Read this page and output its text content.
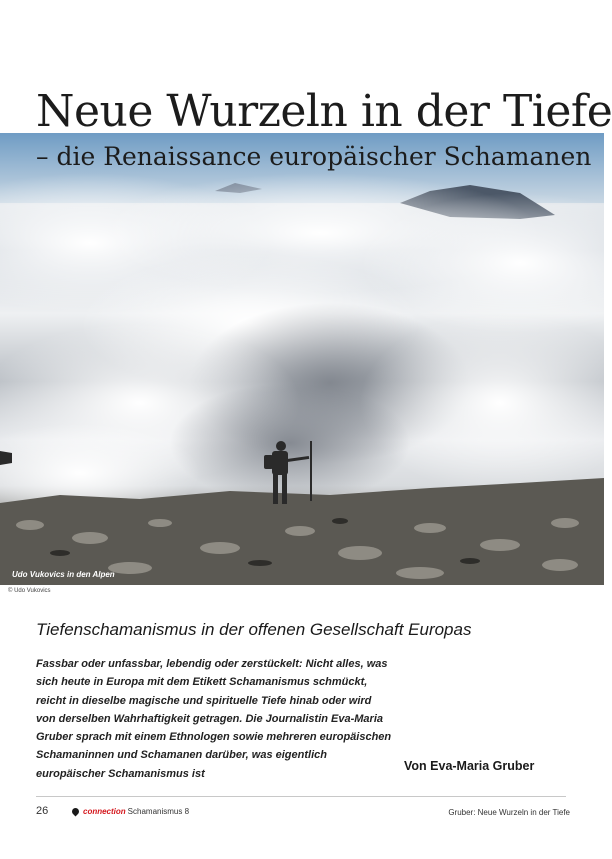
Neue Wurzeln in der Tiefe
– die Renaissance europäischer Schamanen
Udo Vukovics in den Alpen
© Udo Vukovics
Tiefenschamanismus in der offenen Gesellschaft Europas

Fassbar oder unfassbar, lebendig oder zerstückelt: Nicht alles, was
sich heute in Europa mit dem Etikett Schamanismus schmückt,
reicht in dieselbe magische und spirituelle Tiefe hinab oder wird
von derselben Wahrhaftigkeit getragen. Die Journalistin Eva-Maria
Gruber sprach mit einem Ethnologen sowie mehreren europäischen
Schamaninnen und Schamanen darüber, was eigentlich
europäischer Schamanismus ist

Von Eva-Maria Gruber
26	connection Schamanismus 8	Gruber: Neue Wurzeln in der Tiefe
